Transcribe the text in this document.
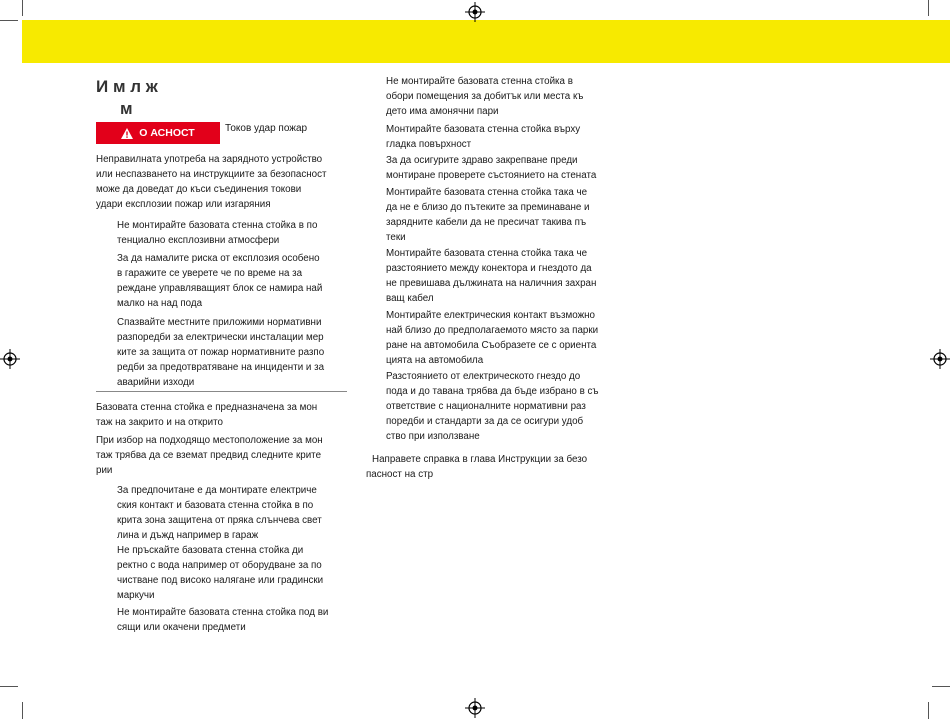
И м л ж
м
О АСНОСТ	Токов удар пожар
Неправилната употреба на зарядното устройство
или неспазването на инструкциите за безопасност
може да доведат до къси съединения токови
удари експлозии пожар или изгаряния
Не монтирайте базовата стенна стойка в по
тенциално експлозивни атмосфери
За да намалите риска от експлозия особено
в гаражите се уверете че по време на за
реждане управляващият блок се намира най
малко на над пода
Спазвайте местните приложими нормативни
разпоредби за електрически инсталации мер
ките за защита от пожар нормативните разпо
редби за предотвратяване на инциденти и за
аварийни изходи
Базовата стенна стойка е предназначена за мон
таж на закрито и на открито
При избор на подходящо местоположение за мон
таж трябва да се вземат предвид следните крите
рии
За предпочитане е да монтирате електриче
ския контакт и базовата стенна стойка в по
крита зона защитена от пряка слънчева свет
лина и дъжд например в гараж
Не пръскайте базовата стенна стойка ди
ректно с вода например от оборудване за по
чистване под високо налягане или градински
маркучи
Не монтирайте базовата стенна стойка под ви
сящи или окачени предмети
Не монтирайте базовата стенна стойка в
обори помещения за добитък или места къ
дето има амонячни пари
Монтирайте базовата стенна стойка върху
гладка повърхност
За да осигурите здраво закрепване преди
монтиране проверете състоянието на стената
Монтирайте базовата стенна стойка така че
да не е близо до пътеките за преминаване и
зарядните кабели да не пресичат такива пъ
теки
Монтирайте базовата стенна стойка така че
разстоянието между конектора и гнездото да
не превишава дължината на наличния захран
ващ кабел
Монтирайте електрическия контакт възможно
най близо до предполагаемото място за парки
ране на автомобила Съобразете се с ориента
цията на автомобила
Разстоянието от електрическото гнездо до
пода и до тавана трябва да бъде избрано в съ
ответствие с националните нормативни раз
поредби и стандарти за да се осигури удоб
ство при използване
Направете справка в глава Инструкции за безо
пасност на стр
